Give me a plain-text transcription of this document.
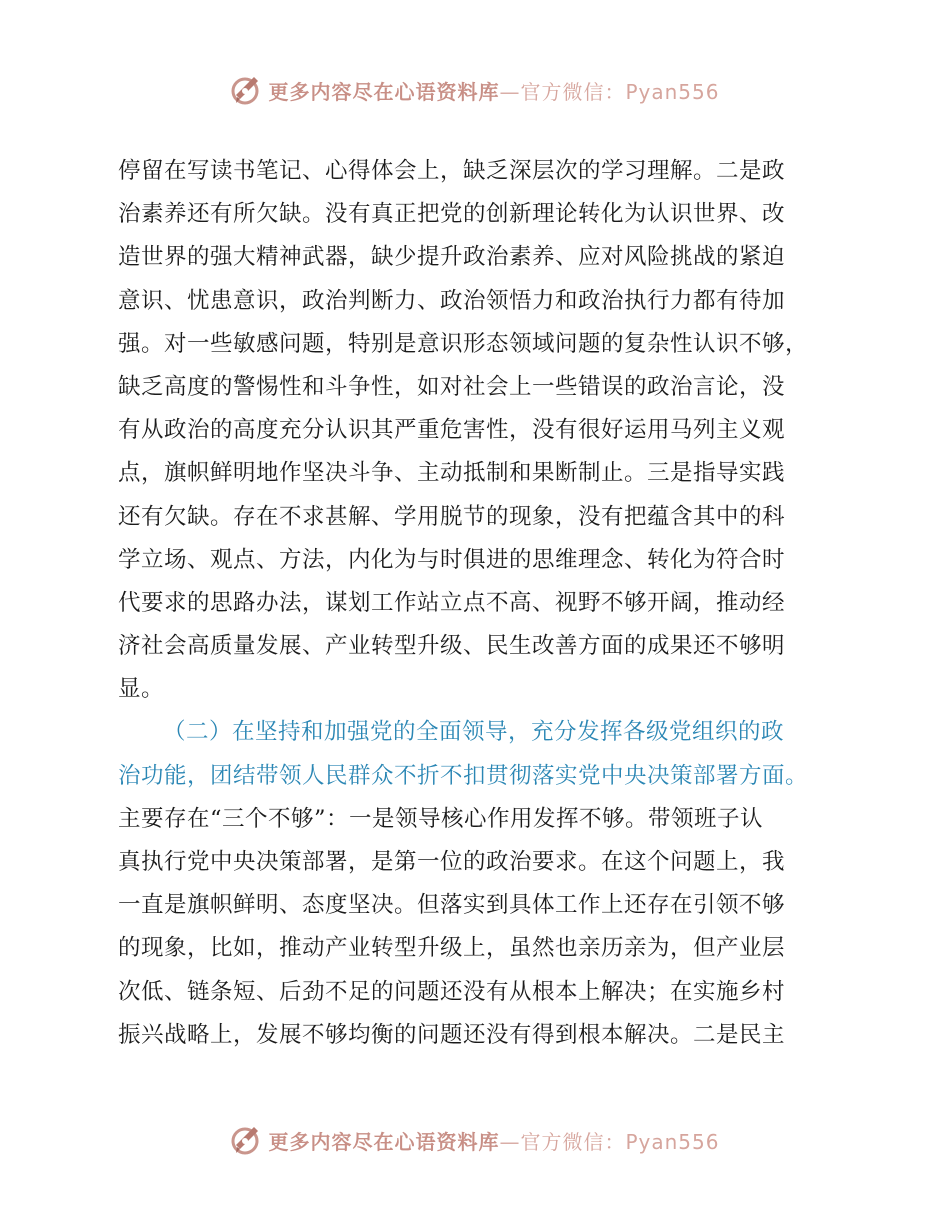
更多内容尽在心语资料库—官方微信：Pyan556
停留在写读书笔记、心得体会上，缺乏深层次的学习理解。二是政
治素养还有所欠缺。没有真正把党的创新理论转化为认识世界、改
造世界的强大精神武器，缺少提升政治素养、应对风险挑战的紧迫
意识、忧患意识，政治判断力、政治领悟力和政治执行力都有待加
强。对一些敏感问题，特别是意识形态领域问题的复杂性认识不够，
缺乏高度的警惕性和斗争性，如对社会上一些错误的政治言论，没
有从政治的高度充分认识其严重危害性，没有很好运用马列主义观
点，旗帜鲜明地作坚决斗争、主动抵制和果断制止。三是指导实践
还有欠缺。存在不求甚解、学用脱节的现象，没有把蕴含其中的科
学立场、观点、方法，内化为与时俱进的思维理念、转化为符合时
代要求的思路办法，谋划工作站立点不高、视野不够开阔，推动经
济社会高质量发展、产业转型升级、民生改善方面的成果还不够明
显。
（二）在坚持和加强党的全面领导，充分发挥各级党组织的政
治功能，团结带领人民群众不折不扣贯彻落实党中央决策部署方面。
主要存在“三个不够”：一是领导核心作用发挥不够。带领班子认
真执行党中央决策部署，是第一位的政治要求。在这个问题上，我
一直是旗帜鲜明、态度坚决。但落实到具体工作上还存在引领不够
的现象，比如，推动产业转型升级上，虽然也亲历亲为，但产业层
次低、链条短、后劲不足的问题还没有从根本上解决；在实施乡村
振兴战略上，发展不够均衡的问题还没有得到根本解决。二是民主
更多内容尽在心语资料库—官方微信：Pyan556
